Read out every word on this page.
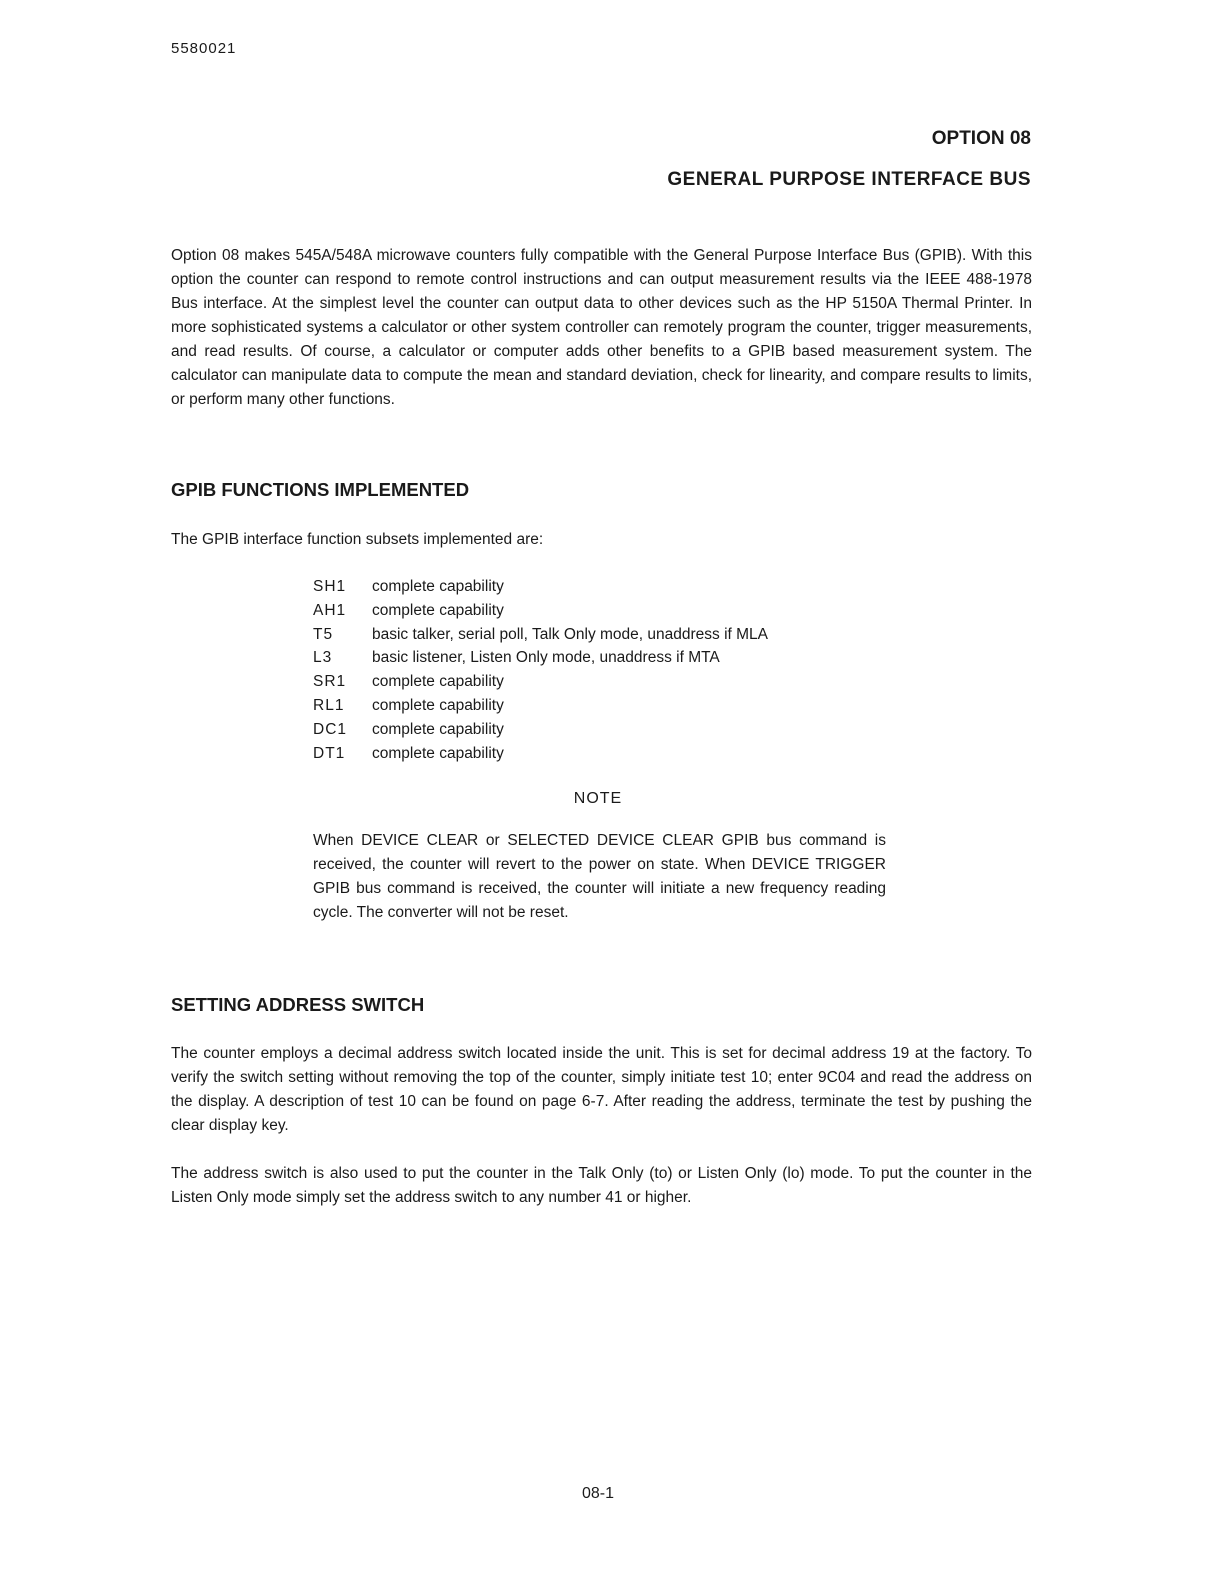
5580021
OPTION 08
GENERAL PURPOSE INTERFACE BUS

Option 08 makes 545A/548A microwave counters fully compatible with the General Purpose Interface Bus (GPIB). With this option the counter can respond to remote control instructions and can output measurement results via the IEEE 488-1978 Bus interface. At the simplest level the counter can output data to other devices such as the HP 5150A Thermal Printer. In more sophisticated systems a calculator or other system controller can remotely program the counter, trigger measurements, and read results. Of course, a calculator or computer adds other benefits to a GPIB based measurement system. The calculator can manipulate data to compute the mean and standard deviation, check for linearity, and compare results to limits, or perform many other functions.

GPIB FUNCTIONS IMPLEMENTED

The GPIB interface function subsets implemented are:

SH1	complete capability
AH1	complete capability
T5	basic talker, serial poll, Talk Only mode, unaddress if MLA
L3	basic listener, Listen Only mode, unaddress if MTA
SR1	complete capability
RL1	complete capability
DC1	complete capability
DT1	complete capability
NOTE

When DEVICE CLEAR or SELECTED DEVICE CLEAR GPIB bus command is received, the counter will revert to the power on state. When DEVICE TRIGGER GPIB bus command is received, the counter will initiate a new frequency reading cycle. The converter will not be reset.

SETTING ADDRESS SWITCH

The counter employs a decimal address switch located inside the unit. This is set for decimal address 19 at the factory. To verify the switch setting without removing the top of the counter, simply initiate test 10; enter 9C04 and read the address on the display. A description of test 10 can be found on page 6-7. After reading the address, terminate the test by pushing the clear display key.

The address switch is also used to put the counter in the Talk Only (to) or Listen Only (lo) mode. To put the counter in the Listen Only mode simply set the address switch to any number 41 or higher.

08-1
